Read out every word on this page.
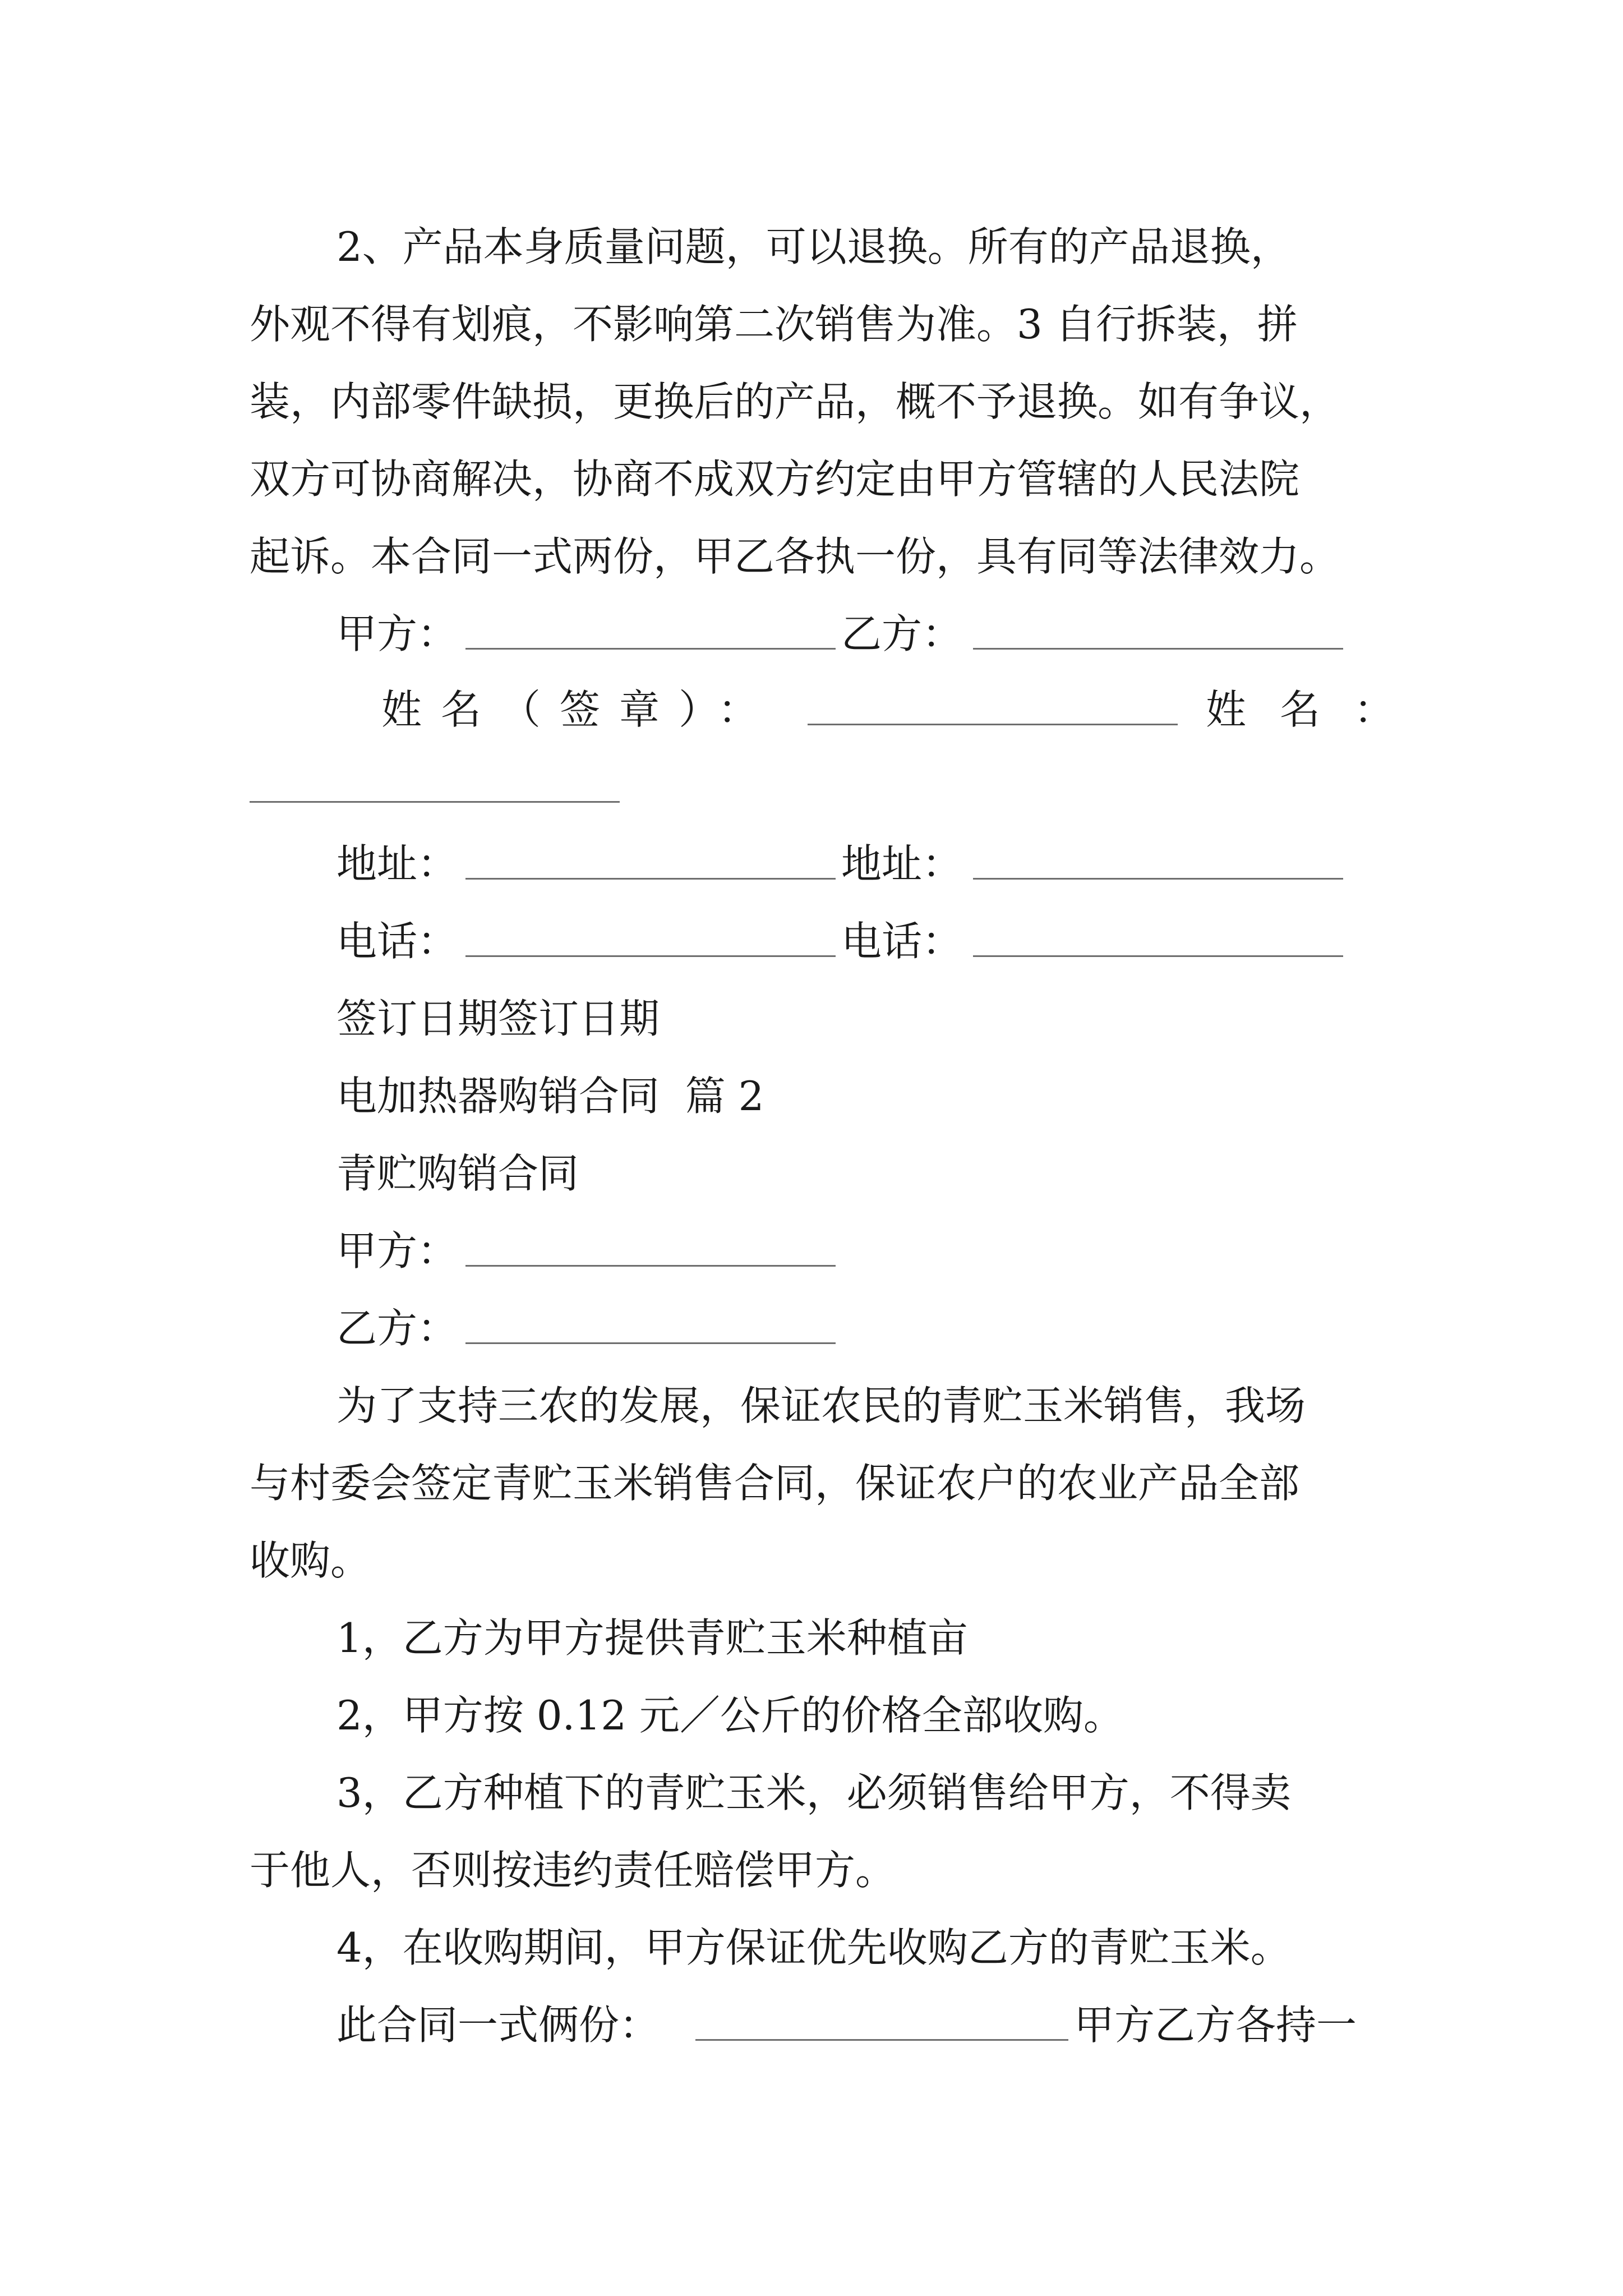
2、产品本身质量问题，可以退换。所有的产品退换，
外观不得有划痕，不影响第二次销售为准。3 自行拆装，拼
装，内部零件缺损，更换后的产品，概不予退换。如有争议，
双方可协商解决，协商不成双方约定由甲方管辖的人民法院
起诉。本合同一式两份，甲乙各执一份，具有同等法律效力。
甲方：	乙方：
姓名（签章）：	姓名：
地址：	地址：
电话：	电话：
签订日期签订日期
电加热器购销合同  篇 2
青贮购销合同
甲方：
乙方：
为了支持三农的发展，保证农民的青贮玉米销售，我场
与村委会签定青贮玉米销售合同，保证农户的农业产品全部
收购。
1，乙方为甲方提供青贮玉米种植亩
2，甲方按 0.12 元／公斤的价格全部收购。
3，乙方种植下的青贮玉米，必须销售给甲方，不得卖
于他人，否则按违约责任赔偿甲方。
4，在收购期间，甲方保证优先收购乙方的青贮玉米。
此合同一式俩份：	甲方乙方各持一
